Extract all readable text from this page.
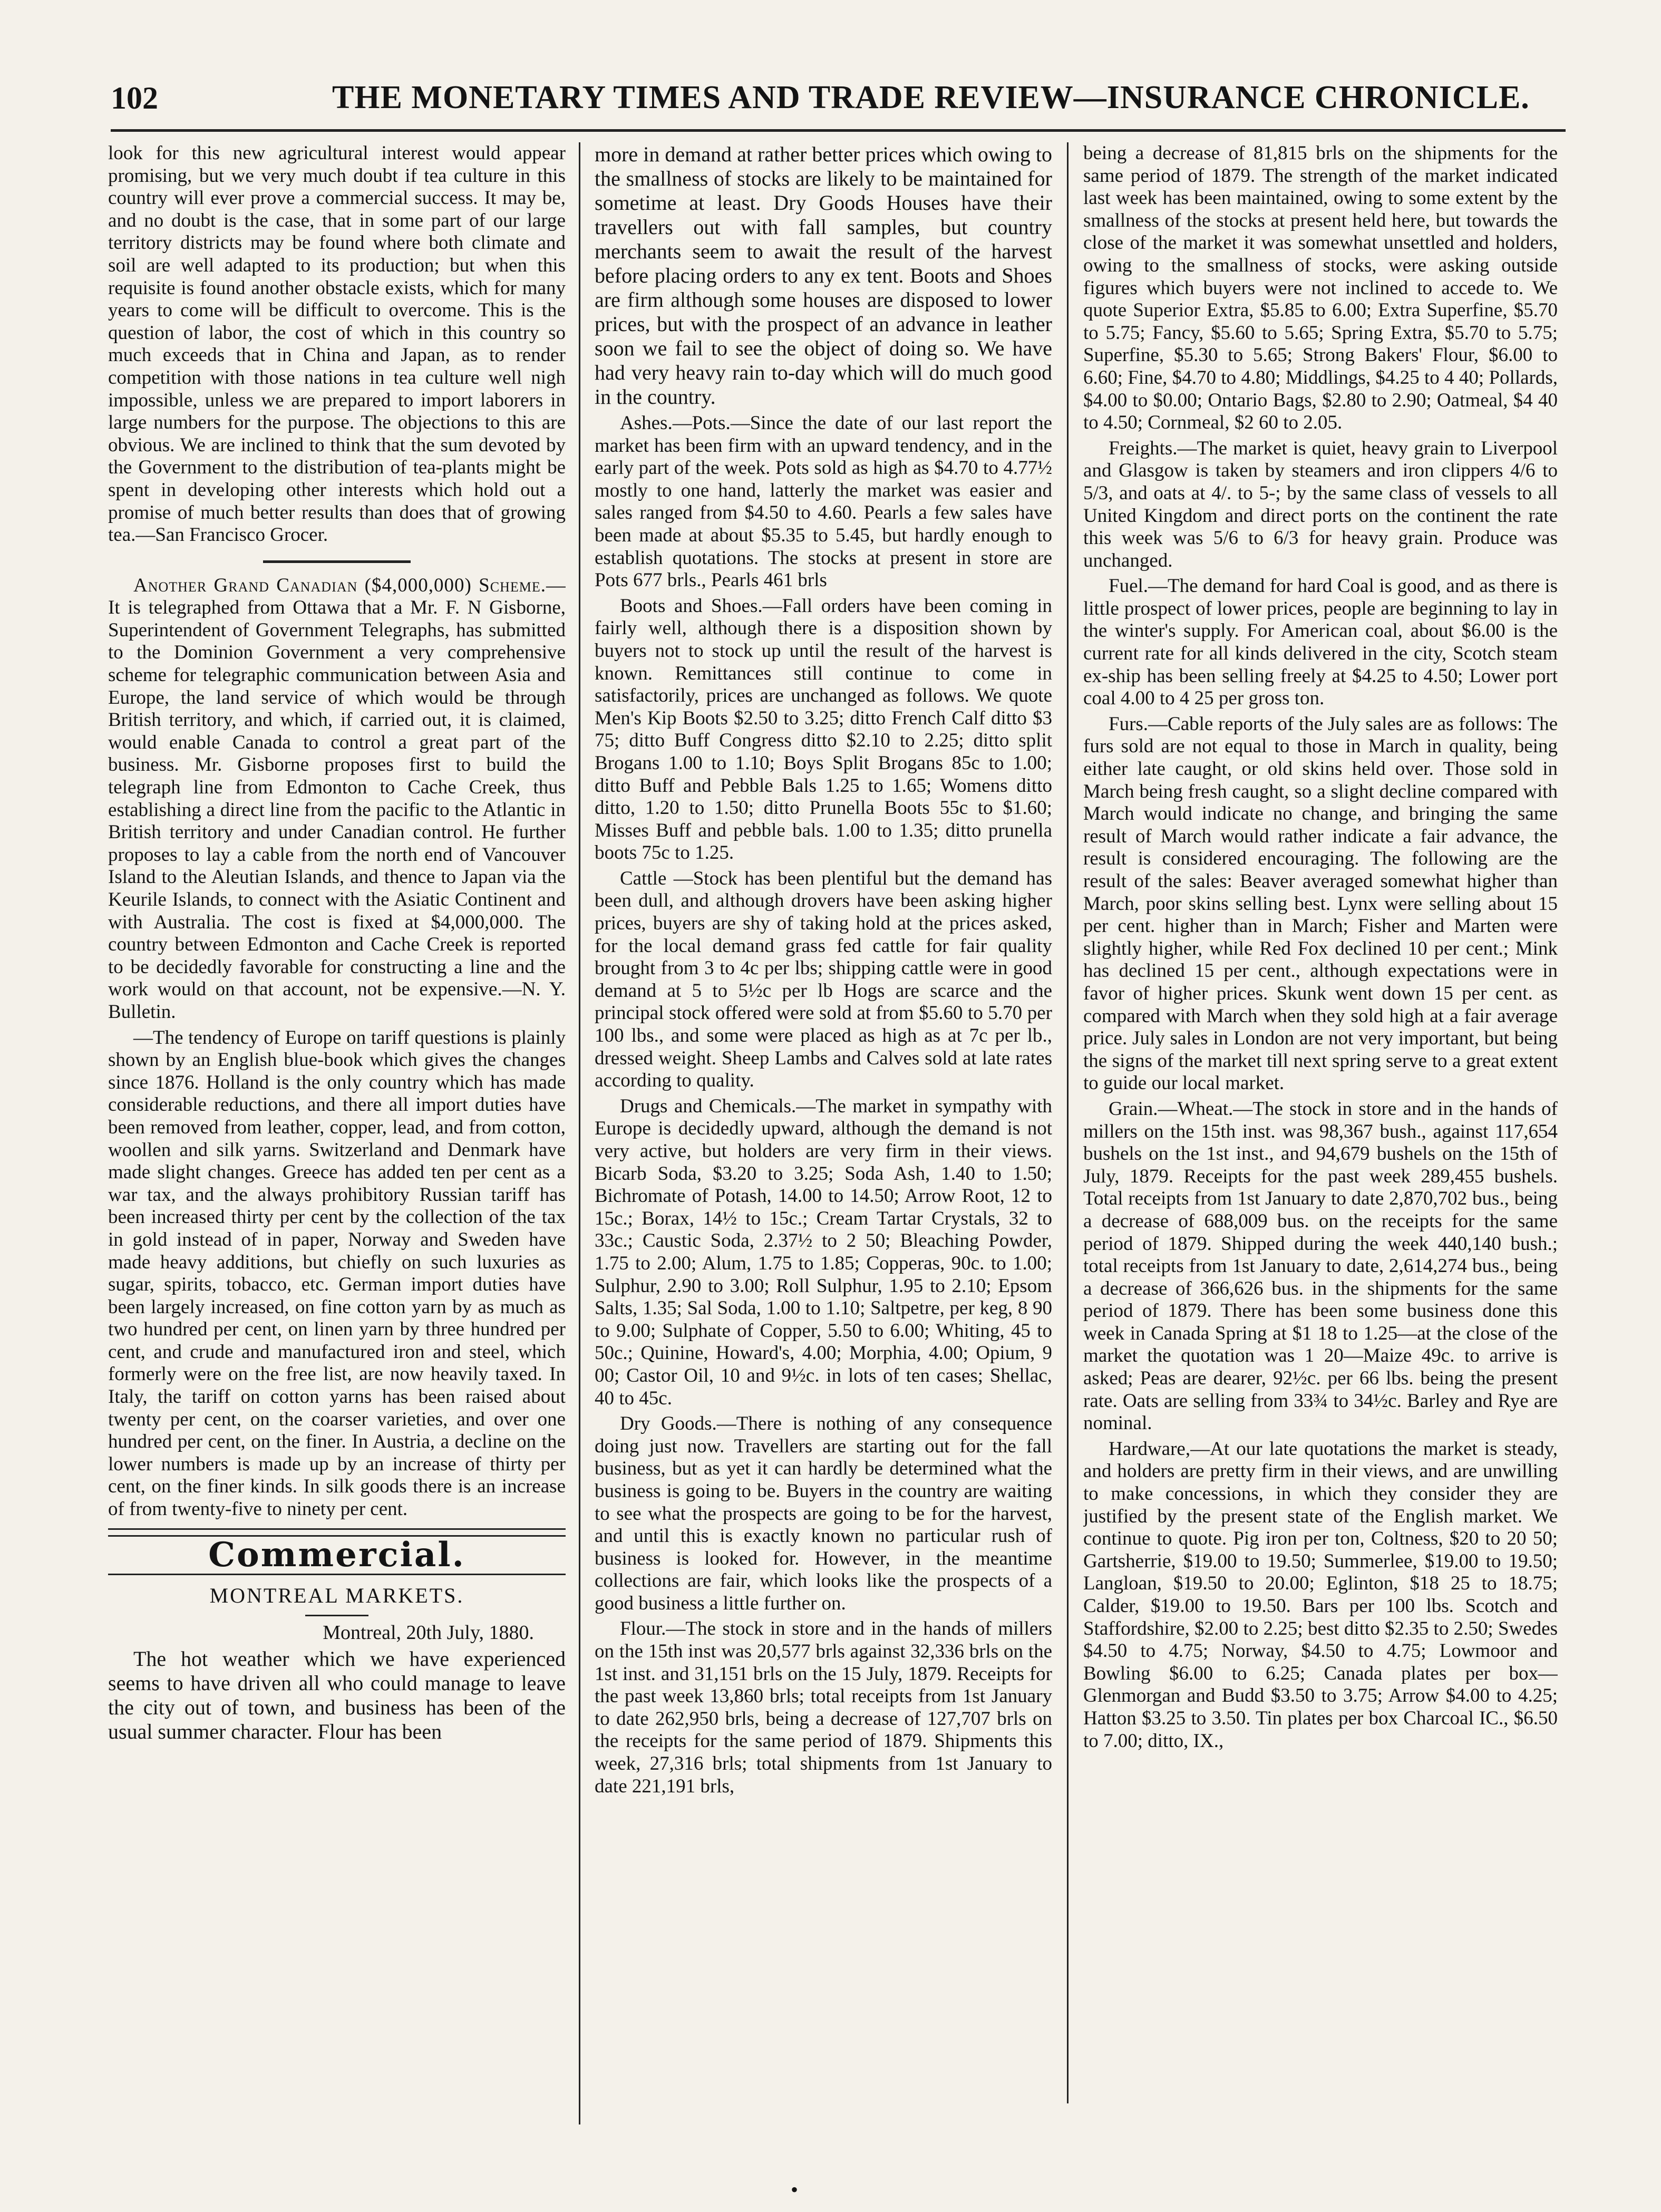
102	THE MONETARY TIMES AND TRADE REVIEW—INSURANCE CHRONICLE.

look for this new agricultural interest would appear promising, but we very much doubt if tea culture in this country will ever prove a commercial success. It may be, and no doubt is the case, that in some part of our large territory districts may be found where both climate and soil are well adapted to its production; but when this requisite is found another obstacle exists, which for many years to come will be difficult to overcome. This is the question of labor, the cost of which in this country so much exceeds that in China and Japan, as to render competition with those nations in tea culture well nigh impossible, unless we are prepared to import laborers in large numbers for the purpose. The objections to this are obvious. We are inclined to think that the sum devoted by the Government to the distribution of tea-plants might be spent in developing other interests which hold out a promise of much better results than does that of growing tea.—San Francisco Grocer.

Another Grand Canadian ($4,000,000) Scheme.—It is telegraphed from Ottawa that a Mr. F. N Gisborne, Superintendent of Government Telegraphs, has submitted to the Dominion Government a very comprehensive scheme for telegraphic communication between Asia and Europe, the land service of which would be through British territory, and which, if carried out, it is claimed, would enable Canada to control a great part of the business. Mr. Gisborne proposes first to build the telegraph line from Edmonton to Cache Creek, thus establishing a direct line from the pacific to the Atlantic in British territory and under Canadian control. He further proposes to lay a cable from the north end of Vancouver Island to the Aleutian Islands, and thence to Japan via the Keurile Islands, to connect with the Asiatic Continent and with Australia. The cost is fixed at $4,000,000. The country between Edmonton and Cache Creek is reported to be decidedly favorable for constructing a line and the work would on that account, not be expensive.—N. Y. Bulletin.

—The tendency of Europe on tariff questions is plainly shown by an English blue-book which gives the changes since 1876. Holland is the only country which has made considerable reductions, and there all import duties have been removed from leather, copper, lead, and from cotton, woollen and silk yarns. Switzerland and Denmark have made slight changes. Greece has added ten per cent as a war tax, and the always prohibitory Russian tariff has been increased thirty per cent by the collection of the tax in gold instead of in paper, Norway and Sweden have made heavy additions, but chiefly on such luxuries as sugar, spirits, tobacco, etc. German import duties have been largely increased, on fine cotton yarn by as much as two hundred per cent, on linen yarn by three hundred per cent, and crude and manufactured iron and steel, which formerly were on the free list, are now heavily taxed. In Italy, the tariff on cotton yarns has been raised about twenty per cent, on the coarser varieties, and over one hundred per cent, on the finer. In Austria, a decline on the lower numbers is made up by an increase of thirty per cent, on the finer kinds. In silk goods there is an increase of from twenty-five to ninety per cent.

Commercial.
MONTREAL MARKETS.
Montreal, 20th July, 1880.

The hot weather which we have experienced seems to have driven all who could manage to leave the city out of town, and business has been of the usual summer character. Flour has been

more in demand at rather better prices which owing to the smallness of stocks are likely to be maintained for sometime at least. Dry Goods Houses have their travellers out with fall samples, but country merchants seem to await the result of the harvest before placing orders to any ex tent. Boots and Shoes are firm although some houses are disposed to lower prices, but with the prospect of an advance in leather soon we fail to see the object of doing so. We have had very heavy rain to-day which will do much good in the country.

Ashes.—Pots.—Since the date of our last report the market has been firm with an upward tendency, and in the early part of the week. Pots sold as high as $4.70 to 4.77½ mostly to one hand, latterly the market was easier and sales ranged from $4.50 to 4.60. Pearls a few sales have been made at about $5.35 to 5.45, but hardly enough to establish quotations. The stocks at present in store are Pots 677 brls., Pearls 461 brls

Boots and Shoes.—Fall orders have been coming in fairly well, although there is a disposition shown by buyers not to stock up until the result of the harvest is known. Remittances still continue to come in satisfactorily, prices are unchanged as follows. We quote Men's Kip Boots $2.50 to 3.25; ditto French Calf ditto $3 75; ditto Buff Congress ditto $2.10 to 2.25; ditto split Brogans 1.00 to 1.10; Boys Split Brogans 85c to 1.00; ditto Buff and Pebble Bals 1.25 to 1.65; Womens ditto ditto, 1.20 to 1.50; ditto Prunella Boots 55c to $1.60; Misses Buff and pebble bals. 1.00 to 1.35; ditto prunella boots 75c to 1.25.

Cattle —Stock has been plentiful but the demand has been dull, and although drovers have been asking higher prices, buyers are shy of taking hold at the prices asked, for the local demand grass fed cattle for fair quality brought from 3 to 4c per lbs; shipping cattle were in good demand at 5 to 5½c per lb Hogs are scarce and the principal stock offered were sold at from $5.60 to 5.70 per 100 lbs., and some were placed as high as at 7c per lb., dressed weight. Sheep Lambs and Calves sold at late rates according to quality.

Drugs and Chemicals.—The market in sympathy with Europe is decidedly upward, although the demand is not very active, but holders are very firm in their views. Bicarb Soda, $3.20 to 3.25; Soda Ash, 1.40 to 1.50; Bichromate of Potash, 14.00 to 14.50; Arrow Root, 12 to 15c.; Borax, 14½ to 15c.; Cream Tartar Crystals, 32 to 33c.; Caustic Soda, 2.37½ to 2 50; Bleaching Powder, 1.75 to 2.00; Alum, 1.75 to 1.85; Copperas, 90c. to 1.00; Sulphur, 2.90 to 3.00; Roll Sulphur, 1.95 to 2.10; Epsom Salts, 1.35; Sal Soda, 1.00 to 1.10; Saltpetre, per keg, 8 90 to 9.00; Sulphate of Copper, 5.50 to 6.00; Whiting, 45 to 50c.; Quinine, Howard's, 4.00; Morphia, 4.00; Opium, 9 00; Castor Oil, 10 and 9½c. in lots of ten cases; Shellac, 40 to 45c.

Dry Goods.—There is nothing of any consequence doing just now. Travellers are starting out for the fall business, but as yet it can hardly be determined what the business is going to be. Buyers in the country are waiting to see what the prospects are going to be for the harvest, and until this is exactly known no particular rush of business is looked for. However, in the meantime collections are fair, which looks like the prospects of a good business a little further on.

Flour.—The stock in store and in the hands of millers on the 15th inst was 20,577 brls against 32,336 brls on the 1st inst. and 31,151 brls on the 15 July, 1879. Receipts for the past week 13,860 brls; total receipts from 1st January to date 262,950 brls, being a decrease of 127,707 brls on the receipts for the same period of 1879. Shipments this week, 27,316 brls; total shipments from 1st January to date 221,191 brls,

being a decrease of 81,815 brls on the shipments for the same period of 1879. The strength of the market indicated last week has been maintained, owing to some extent by the smallness of the stocks at present held here, but towards the close of the market it was somewhat unsettled and holders, owing to the smallness of stocks, were asking outside figures which buyers were not inclined to accede to. We quote Superior Extra, $5.85 to 6.00; Extra Superfine, $5.70 to 5.75; Fancy, $5.60 to 5.65; Spring Extra, $5.70 to 5.75; Superfine, $5.30 to 5.65; Strong Bakers' Flour, $6.00 to 6.60; Fine, $4.70 to 4.80; Middlings, $4.25 to 4 40; Pollards, $4.00 to $0.00; Ontario Bags, $2.80 to 2.90; Oatmeal, $4 40 to 4.50; Cornmeal, $2 60 to 2.05.

Freights.—The market is quiet, heavy grain to Liverpool and Glasgow is taken by steamers and iron clippers 4/6 to 5/3, and oats at 4/. to 5-; by the same class of vessels to all United Kingdom and direct ports on the continent the rate this week was 5/6 to 6/3 for heavy grain. Produce was unchanged.

Fuel.—The demand for hard Coal is good, and as there is little prospect of lower prices, people are beginning to lay in the winter's supply. For American coal, about $6.00 is the current rate for all kinds delivered in the city, Scotch steam ex-ship has been selling freely at $4.25 to 4.50; Lower port coal 4.00 to 4 25 per gross ton.

Furs.—Cable reports of the July sales are as follows: The furs sold are not equal to those in March in quality, being either late caught, or old skins held over. Those sold in March being fresh caught, so a slight decline compared with March would indicate no change, and bringing the same result of March would rather indicate a fair advance, the result is considered encouraging. The following are the result of the sales: Beaver averaged somewhat higher than March, poor skins selling best. Lynx were selling about 15 per cent. higher than in March; Fisher and Marten were slightly higher, while Red Fox declined 10 per cent.; Mink has declined 15 per cent., although expectations were in favor of higher prices. Skunk went down 15 per cent. as compared with March when they sold high at a fair average price. July sales in London are not very important, but being the signs of the market till next spring serve to a great extent to guide our local market.

Grain.—Wheat.—The stock in store and in the hands of millers on the 15th inst. was 98,367 bush., against 117,654 bushels on the 1st inst., and 94,679 bushels on the 15th of July, 1879. Receipts for the past week 289,455 bushels. Total receipts from 1st January to date 2,870,702 bus., being a decrease of 688,009 bus. on the receipts for the same period of 1879. Shipped during the week 440,140 bush.; total receipts from 1st January to date, 2,614,274 bus., being a decrease of 366,626 bus. in the shipments for the same period of 1879. There has been some business done this week in Canada Spring at $1 18 to 1.25—at the close of the market the quotation was 1 20—Maize 49c. to arrive is asked; Peas are dearer, 92½c. per 66 lbs. being the present rate. Oats are selling from 33¾ to 34½c. Barley and Rye are nominal.

Hardware,—At our late quotations the market is steady, and holders are pretty firm in their views, and are unwilling to make concessions, in which they consider they are justified by the present state of the English market. We continue to quote. Pig iron per ton, Coltness, $20 to 20 50; Gartsherrie, $19.00 to 19.50; Summerlee, $19.00 to 19.50; Langloan, $19.50 to 20.00; Eglinton, $18 25 to 18.75; Calder, $19.00 to 19.50. Bars per 100 lbs. Scotch and Staffordshire, $2.00 to 2.25; best ditto $2.35 to 2.50; Swedes $4.50 to 4.75; Norway, $4.50 to 4.75; Lowmoor and Bowling $6.00 to 6.25; Canada plates per box—Glenmorgan and Budd $3.50 to 3.75; Arrow $4.00 to 4.25; Hatton $3.25 to 3.50. Tin plates per box Charcoal IC., $6.50 to 7.00; ditto, IX.,

•
